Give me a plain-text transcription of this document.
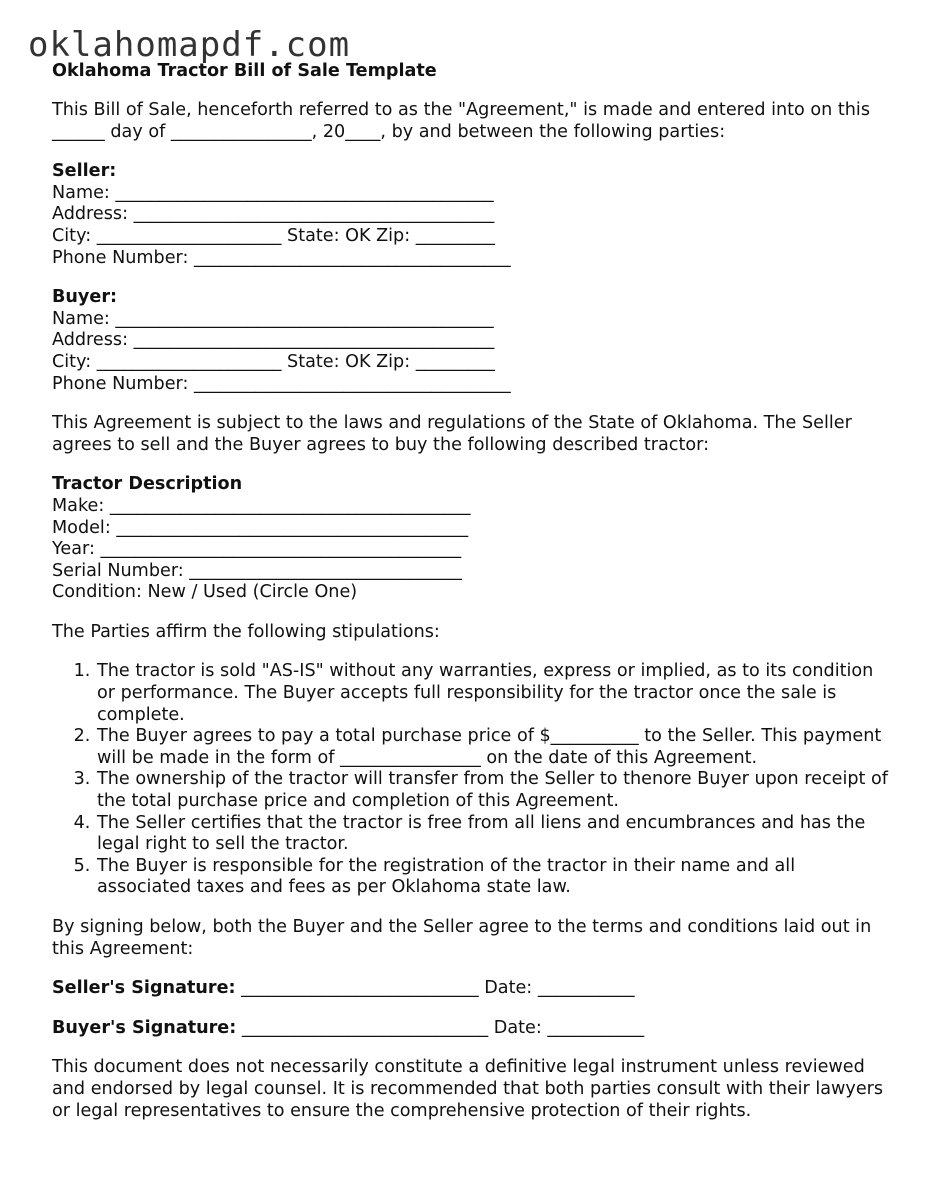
oklahomapdf.com
Oklahoma Tractor Bill of Sale Template

This Bill of Sale, henceforth referred to as the "Agreement," is made and entered into on this ______ day of ________________, 20____, by and between the following parties:

Seller:
Name: ___________________________________________
Address: _________________________________________
City: _____________________ State: OK Zip: _________
Phone Number: ____________________________________
Buyer:
Name: ___________________________________________
Address: _________________________________________
City: _____________________ State: OK Zip: _________
Phone Number: ____________________________________

This Agreement is subject to the laws and regulations of the State of Oklahoma. The Seller agrees to sell and the Buyer agrees to buy the following described tractor:

Tractor Description
Make: _________________________________________
Model: ________________________________________
Year: _________________________________________
Serial Number: _______________________________
Condition: New / Used (Circle One)
The Parties affirm the following stipulations:
1. The tractor is sold "AS-IS" without any warranties, express or implied, as to its condition or performance. The Buyer accepts full responsibility for the tractor once the sale is complete.
2. The Buyer agrees to pay a total purchase price of $__________ to the Seller. This payment will be made in the form of ________________ on the date of this Agreement.
3. The ownership of the tractor will transfer from the Seller to thenore Buyer upon receipt of the total purchase price and completion of this Agreement.
4. The Seller certifies that the tractor is free from all liens and encumbrances and has the legal right to sell the tractor.
5. The Buyer is responsible for the registration of the tractor in their name and all associated taxes and fees as per Oklahoma state law.

By signing below, both the Buyer and the Seller agree to the terms and conditions laid out in this Agreement:

Seller's Signature: ___________________________ Date: ___________
Buyer's Signature: ____________________________ Date: ___________

This document does not necessarily constitute a definitive legal instrument unless reviewed and endorsed by legal counsel. It is recommended that both parties consult with their lawyers or legal representatives to ensure the comprehensive protection of their rights.
